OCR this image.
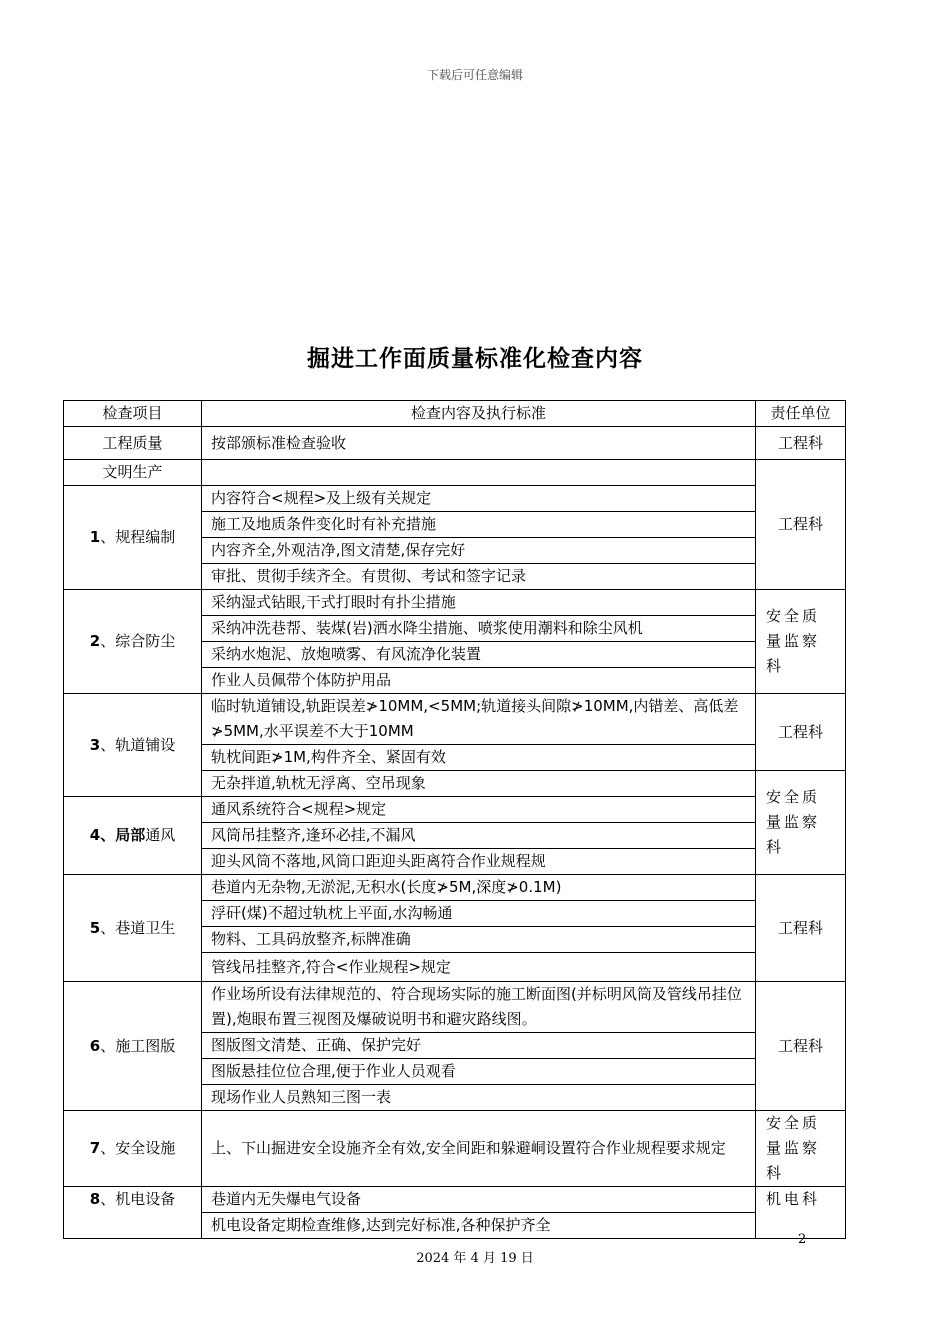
下载后可任意编辑
掘进工作面质量标准化检查内容
检查项目	检查内容及执行标准	责任单位
工程质量	按部颁标准检查验收	工程科
文明生产		工程科
1、规程编制	内容符合<规程>及上级有关规定	
	施工及地质条件变化时有补充措施	
	内容齐全,外观洁净,图文清楚,保存完好	
	审批、贯彻手续齐全。有贯彻、考试和签字记录	
2、综合防尘	采纳湿式钻眼,干式打眼时有扑尘措施	安全质量监察科
	采纳冲洗巷帮、装煤(岩)洒水降尘措施、喷浆使用潮料和除尘风机	
	采纳水炮泥、放炮喷雾、有风流净化装置	
	作业人员佩带个体防护用品	
3、轨道铺设	临时轨道铺设,轨距误差≯10MM,<5MM;轨道接头间隙≯10MM,内错差、高低差≯5MM,水平误差不大于10MM	工程科
	轨枕间距≯1M,构件齐全、紧固有效	
	无杂拌道,轨枕无浮离、空吊现象	安全质量监察科
4、局部通风	通风系统符合<规程>规定	
	风筒吊挂整齐,逢环必挂,不漏风	
	迎头风筒不落地,风筒口距迎头距离符合作业规程规	
5、巷道卫生	巷道内无杂物,无淤泥,无积水(长度≯5M,深度≯0.1M)	工程科
	浮矸(煤)不超过轨枕上平面,水沟畅通	
	物料、工具码放整齐,标牌准确	
	管线吊挂整齐,符合<作业规程>规定	
6、施工图版	作业场所设有法律规范的、符合现场实际的施工断面图(并标明风筒及管线吊挂位置),炮眼布置三视图及爆破说明书和避灾路线图。	工程科
	图版图文清楚、正确、保护完好	
	图版悬挂位位合理,便于作业人员观看	
	现场作业人员熟知三图一表	
7、安全设施	上、下山掘进安全设施齐全有效,安全间距和躲避峒设置符合作业规程要求规定	安全质量监察科
8、机电设备	巷道内无失爆电气设备	机电科
	机电设备定期检查维修,达到完好标准,各种保护齐全	
2
2024 年 4 月 19 日
